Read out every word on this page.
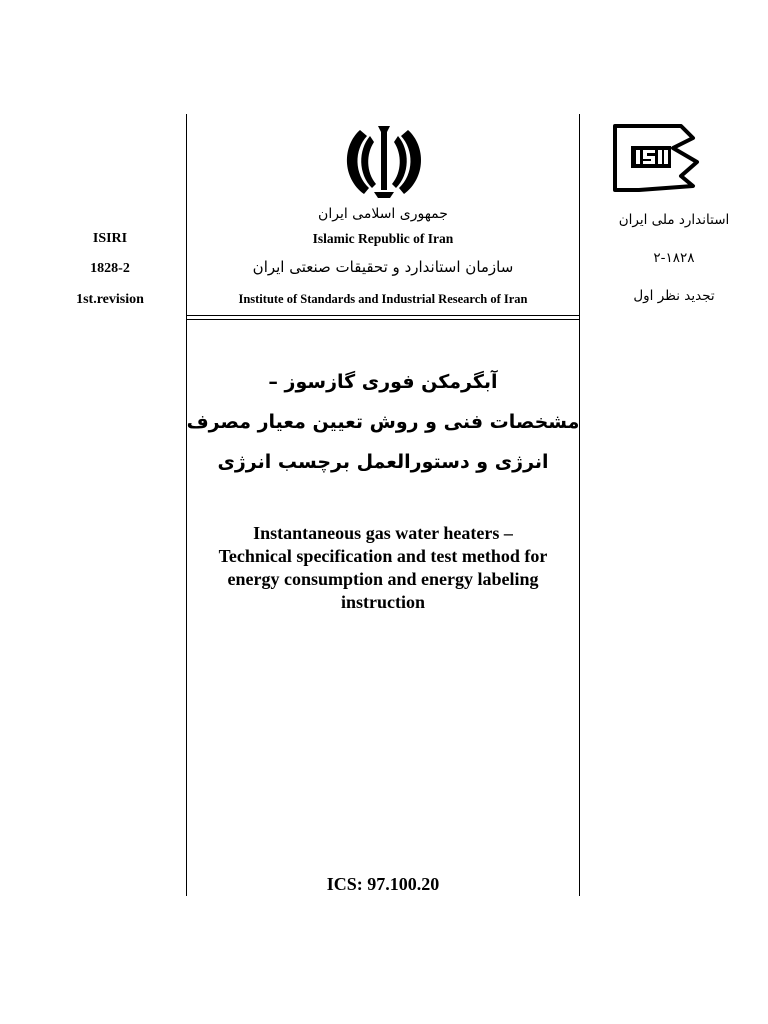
جمهوری اسلامی ایران
Islamic Republic of Iran
سازمان استاندارد و تحقیقات صنعتی ایران
Institute of Standards and Industrial Research of Iran
ISIRI
1828-2
1st.revision
استاندارد ملی ایران
۲-۱۸۲۸
تجدید نظر اول
آبگرمکن فوری گازسوز –
مشخصات فنی و روش تعیین معیار مصرف
انرژی و دستورالعمل برچسب انرژی
Instantaneous gas water heaters –
Technical specification and test method for
energy consumption and energy labeling
instruction
ICS: 97.100.20
